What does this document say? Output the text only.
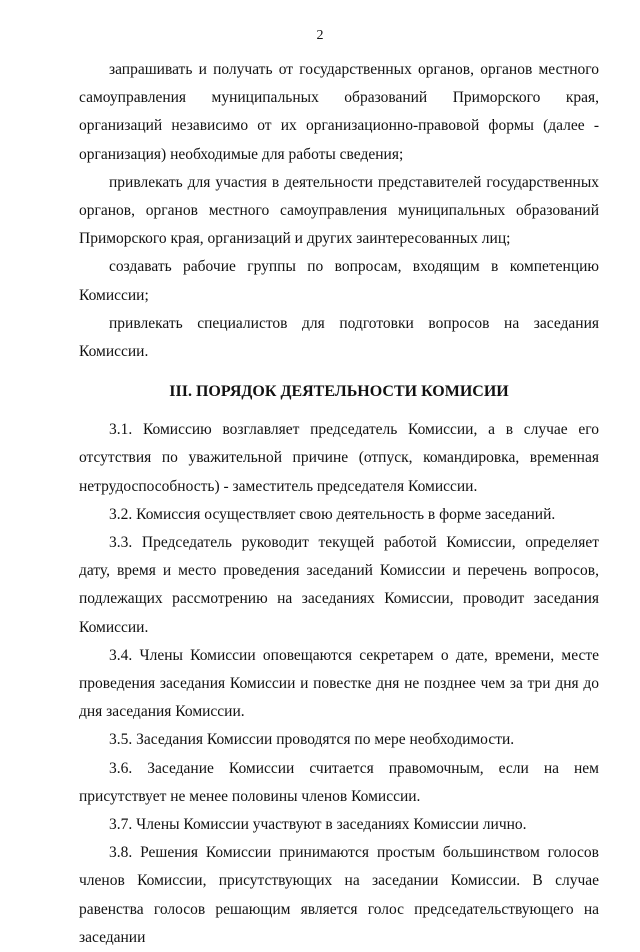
2

запрашивать и получать от государственных органов, органов местного самоуправления муниципальных образований Приморского края, организаций независимо от их организационно-правовой формы (далее - организация) необходимые для работы сведения;

привлекать для участия в деятельности представителей государственных органов, органов местного самоуправления муниципальных образований Приморского края, организаций и других заинтересованных лиц;

создавать рабочие группы по вопросам, входящим в компетенцию Комиссии;

привлекать специалистов для подготовки вопросов на заседания Комиссии.

III. ПОРЯДОК ДЕЯТЕЛЬНОСТИ КОМИСИИ

3.1. Комиссию возглавляет председатель Комиссии, а в случае его отсутствия по уважительной причине (отпуск, командировка, временная нетрудоспособность) - заместитель председателя Комиссии.

3.2. Комиссия осуществляет свою деятельность в форме заседаний.

3.3. Председатель руководит текущей работой Комиссии, определяет дату, время и место проведения заседаний Комиссии и перечень вопросов, подлежащих рассмотрению на заседаниях Комиссии, проводит заседания Комиссии.

3.4. Члены Комиссии оповещаются секретарем о дате, времени, месте проведения заседания Комиссии и повестке дня не позднее чем за три дня до дня заседания Комиссии.

3.5. Заседания Комиссии проводятся по мере необходимости.

3.6. Заседание Комиссии считается правомочным, если на нем присутствует не менее половины членов Комиссии.

3.7. Члены Комиссии участвуют в заседаниях Комиссии лично.

3.8. Решения Комиссии принимаются простым большинством голосов членов Комиссии, присутствующих на заседании Комиссии. В случае равенства голосов решающим является голос председательствующего на заседании
